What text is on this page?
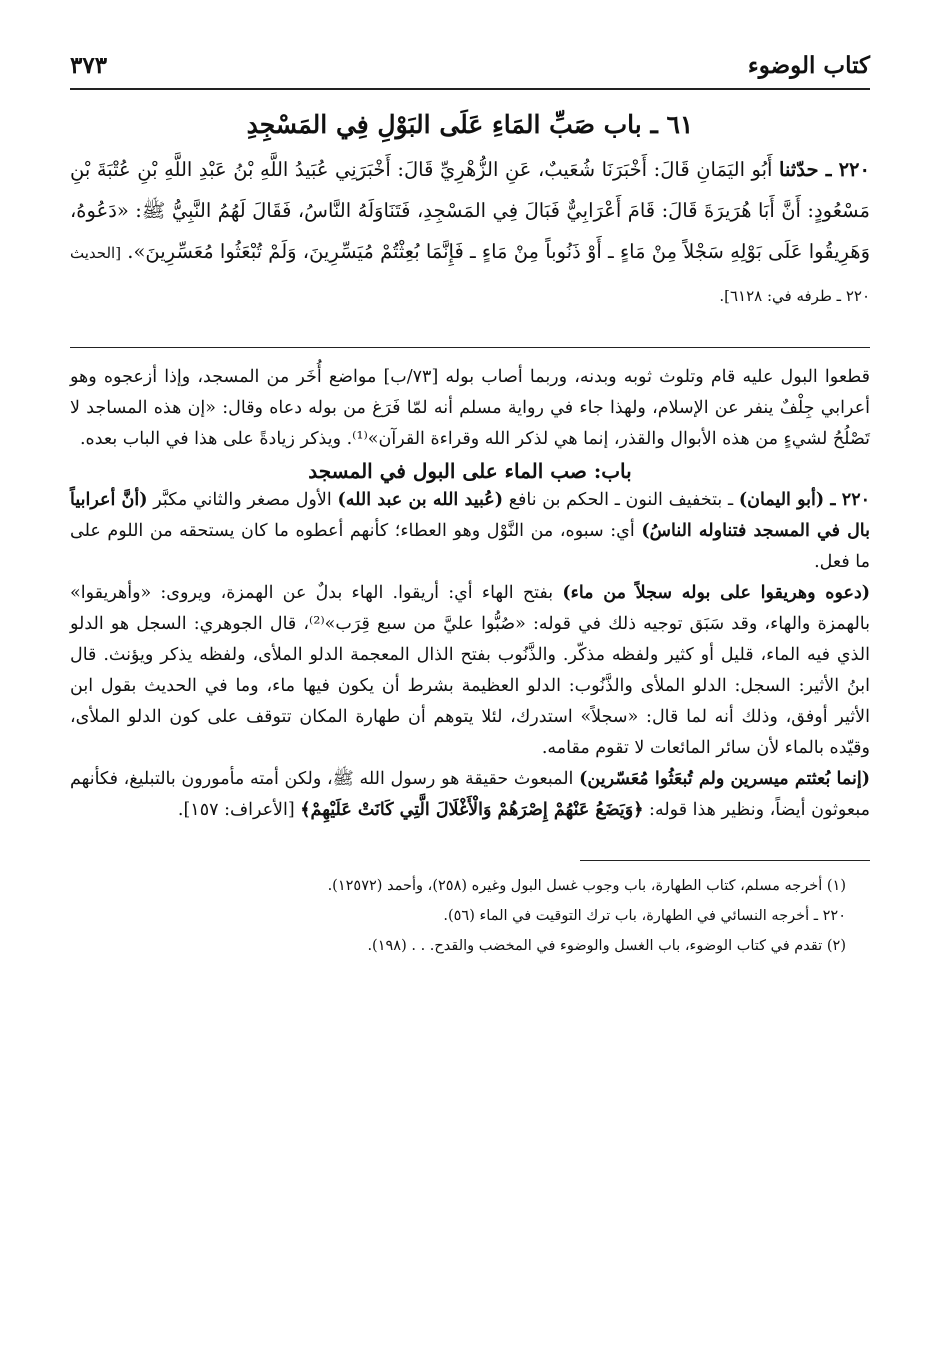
كتاب الوضوء
٣٧٣
٦١ ـ باب صَبِّ المَاءِ عَلَى البَوْلِ فِي المَسْجِدِ

٢٢٠ ـ حدّثنا أَبُو اليَمَانِ قَالَ: أَخْبَرَنَا شُعَيبٌ، عَنِ الزُّهْرِيِّ قَالَ: أَخْبَرَنِي عُبَيدُ اللَّهِ بْنُ عَبْدِ اللَّهِ بْنِ عُتْبَةَ بْنِ مَسْعُودٍ: أَنَّ أَبَا هُرَيرَةَ قَالَ: قَامَ أَعْرَابِيٌّ فَبَالَ فِي المَسْجِدِ، فَتَنَاوَلَهُ النَّاسُ، فَقَالَ لَهُمُ النَّبِيُّ ﷺ: «دَعُوهُ، وَهَرِيقُوا عَلَى بَوْلِهِ سَجْلاً مِنْ مَاءٍ ـ أَوْ ذَنُوباً مِنْ مَاءٍ ـ فَإِنَّمَا بُعِثْتُمْ مُيَسِّرِينَ، وَلَمْ تُبْعَثُوا مُعَسِّرِينَ». [الحديث ٢٢٠ ـ طرفه في: ٦١٢٨].

قطعوا البول عليه قام وتلوث ثوبه وبدنه، وربما أصاب بوله [٧٣/ب] مواضع أُخَر من المسجد، وإذا أزعجوه وهو أعرابي جِلْفٌ ينفر عن الإسلام، ولهذا جاء في رواية مسلم أنه لمّا فَرَغ من بوله دعاه وقال: «إن هذه المساجد لا تَصْلُحُ لشيءٍ من هذه الأبوال والقذر، إنما هي لذكر الله وقراءة القرآن»⁽¹⁾. ويذكر زيادةً على هذا في الباب بعده.

باب: صب الماء على البول في المسجد

٢٢٠ ـ (أبو اليمان) ـ بتخفيف النون ـ الحكم بن نافع (عُبيد الله بن عبد الله) الأول مصغر والثاني مكبَّر (أنَّ أعرابياً بال في المسجد فتناوله الناسُ) أي: سبوه، من النَّوْل وهو العطاء؛ كأنهم أعطوه ما كان يستحقه من اللوم على ما فعل.

(دعوه وهريقوا على بوله سجلاً من ماء) بفتح الهاء أي: أريقوا. الهاء بدلٌ عن الهمزة، ويروى: «وأهريقوا» بالهمزة والهاء، وقد سَبَق توجيه ذلك في قوله: «صُبُّوا عليَّ من سبع قِرَب»⁽²⁾، قال الجوهري: السجل هو الدلو الذي فيه الماء، قليل أو كثير ولفظه مذكّر. والذَّنُوب بفتح الذال المعجمة الدلو الملأى، ولفظه يذكر ويؤنث. قال ابنُ الأثير: السجل: الدلو الملأى والذَّنُوب: الدلو العظيمة بشرط أن يكون فيها ماء، وما في الحديث بقول ابن الأثير أوفق، وذلك أنه لما قال: «سجلاً» استدرك، لئلا يتوهم أن طهارة المكان تتوقف على كون الدلو الملأى، وقيّده بالماء لأن سائر المائعات لا تقوم مقامه.

(إنما بُعثتم ميسرين ولم تُبعَثُوا مُعَسّرين) المبعوث حقيقة هو رسول الله ﷺ، ولكن أمته مأمورون بالتبليغ، فكأنهم مبعوثون أيضاً، ونظير هذا قوله: ﴿وَيَضَعُ عَنْهُمْ إِصْرَهُمْ وَالْأَغْلَالَ الَّتِي كَانَتْ عَلَيْهِمْ﴾ [الأعراف: ١٥٧].

(١) أخرجه مسلم، كتاب الطهارة، باب وجوب غسل البول وغيره (٢٥٨)، وأحمد (١٢٥٧٢).

٢٢٠ ـ أخرجه النسائي في الطهارة، باب ترك التوقيت في الماء (٥٦).

(٢) تقدم في كتاب الوضوء، باب الغسل والوضوء في المخضب والقدح. . . (١٩٨).
